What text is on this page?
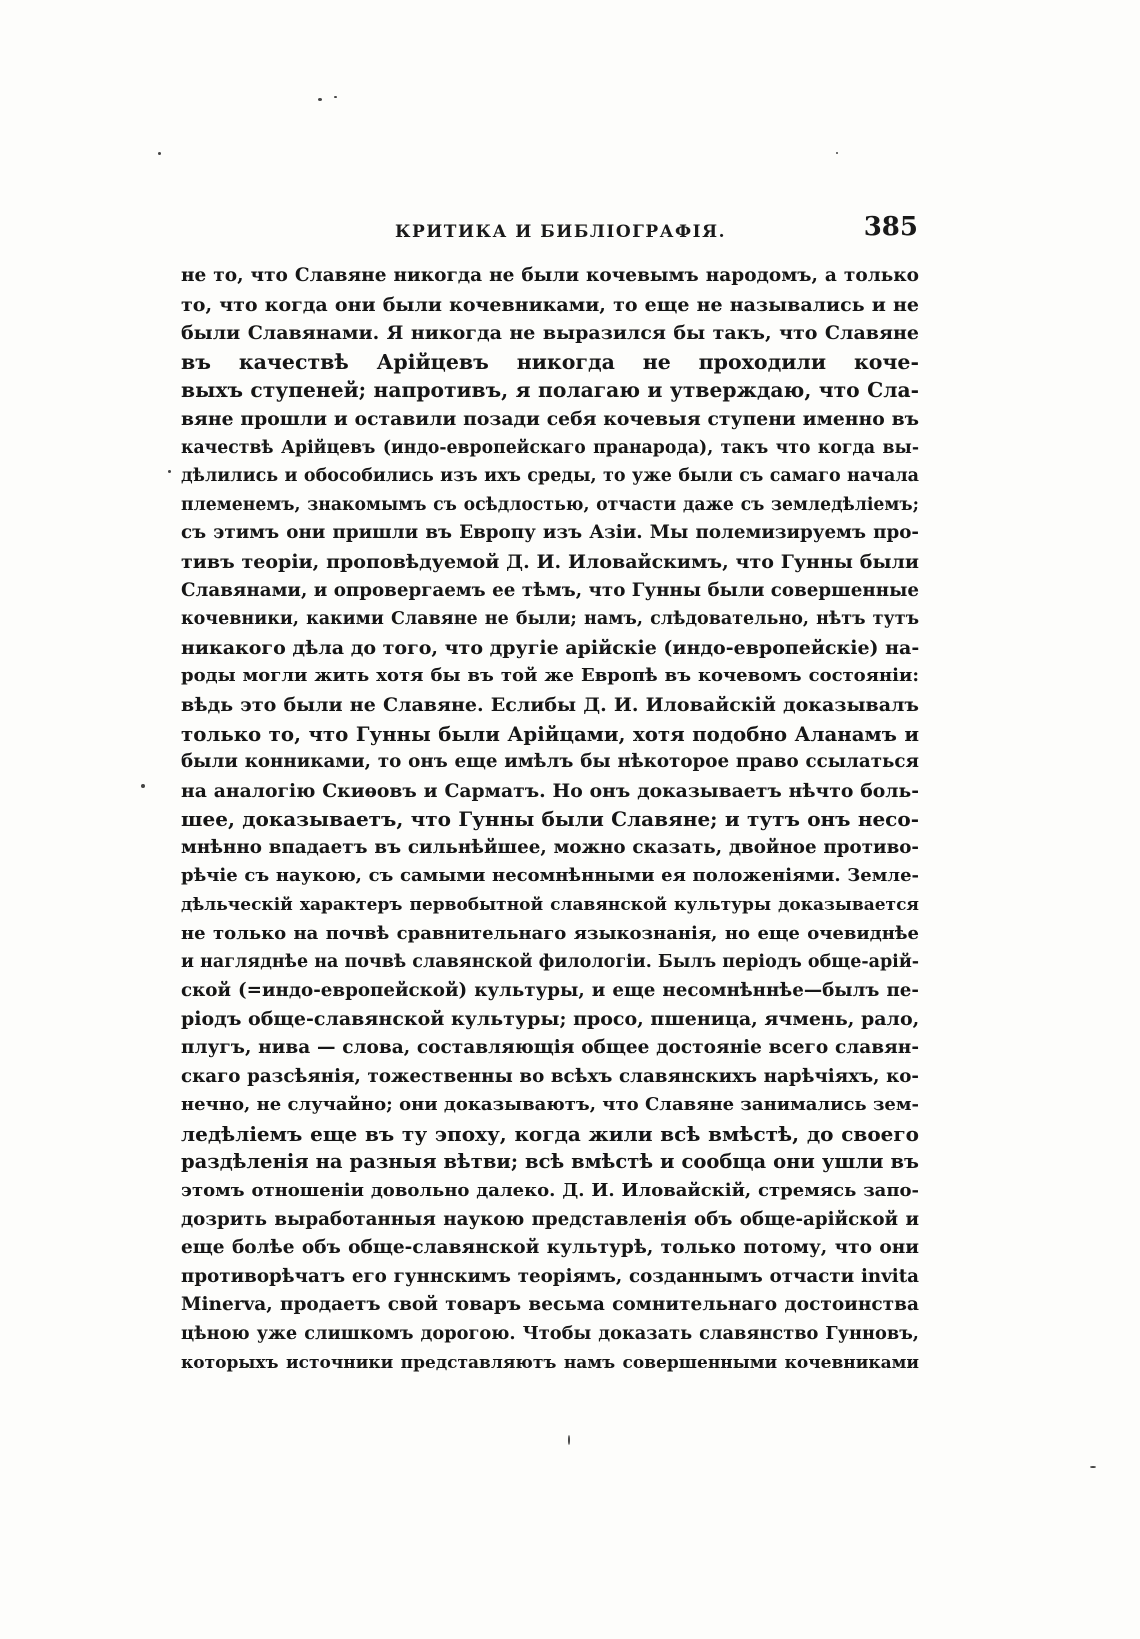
КРИТИКА И БИБЛІОГРАФІЯ.	385
не то, что Славяне никогда не были кочевымъ народомъ, а только
то, что когда они были кочевниками, то еще не назывались и не
были Славянами. Я никогда не выразился бы такъ, что Славяне
въ качествѣ Арійцевъ никогда не проходили коче-
выхъ ступеней; напротивъ, я полагаю и утверждаю, что Сла-
вяне прошли и оставили позади себя кочевыя ступени именно въ
качествѣ Арійцевъ (индо-европейскаго пранарода), такъ что когда вы-
дѣлились и обособились изъ ихъ среды, то уже были съ самаго начала
племенемъ, знакомымъ съ осѣдлостью, отчасти даже съ земледѣліемъ;
съ этимъ они пришли въ Европу изъ Азіи. Мы полемизируемъ про-
тивъ теоріи, проповѣдуемой Д. И. Иловайскимъ, что Гунны были
Славянами, и опровергаемъ ее тѣмъ, что Гунны были совершенные
кочевники, какими Славяне не были; намъ, слѣдовательно, нѣтъ тутъ
никакого дѣла до того, что другіе арійскіе (индо-европейскіе) на-
роды могли жить хотя бы въ той же Европѣ въ кочевомъ состояніи:
вѣдь это были не Славяне. Еслибы Д. И. Иловайскій доказывалъ
только то, что Гунны были Арійцами, хотя подобно Аланамъ и
были конниками, то онъ еще имѣлъ бы нѣкоторое право ссылаться
на аналогію Скиѳовъ и Сарматъ. Но онъ доказываетъ нѣчто боль-
шее, доказываетъ, что Гунны были Славяне; и тутъ онъ несо-
мнѣнно впадаетъ въ сильнѣйшее, можно сказать, двойное противо-
рѣчіе съ наукою, съ самыми несомнѣнными ея положеніями. Земле-
дѣльческій характеръ первобытной славянской культуры доказывается
не только на почвѣ сравнительнаго языкознанія, но еще очевиднѣе
и нагляднѣе на почвѣ славянской филологіи. Былъ періодъ обще-арій-
ской (=индо-европейской) культуры, и еще несомнѣннѣе—былъ пе-
ріодъ обще-славянской культуры; просо, пшеница, ячмень, рало,
плугъ, нива — слова, составляющія общее достояніе всего славян-
скаго разсѣянія, тожественны во всѣхъ славянскихъ нарѣчіяхъ, ко-
нечно, не случайно; они доказываютъ, что Славяне занимались зем-
ледѣліемъ еще въ ту эпоху, когда жили всѣ вмѣстѣ, до своего
раздѣленія на разныя вѣтви; всѣ вмѣстѣ и сообща они ушли въ
этомъ отношеніи довольно далеко. Д. И. Иловайскій, стремясь запо-
дозрить выработанныя наукою представленія объ обще-арійской и
еще болѣе объ обще-славянской культурѣ, только потому, что они
противорѣчатъ его гуннскимъ теоріямъ, созданнымъ отчасти invita
Minerva, продаетъ свой товаръ весьма сомнительнаго достоинства
цѣною уже слишкомъ дорогою. Чтобы доказать славянство Гунновъ,
которыхъ источники представляютъ намъ совершенными кочевниками
